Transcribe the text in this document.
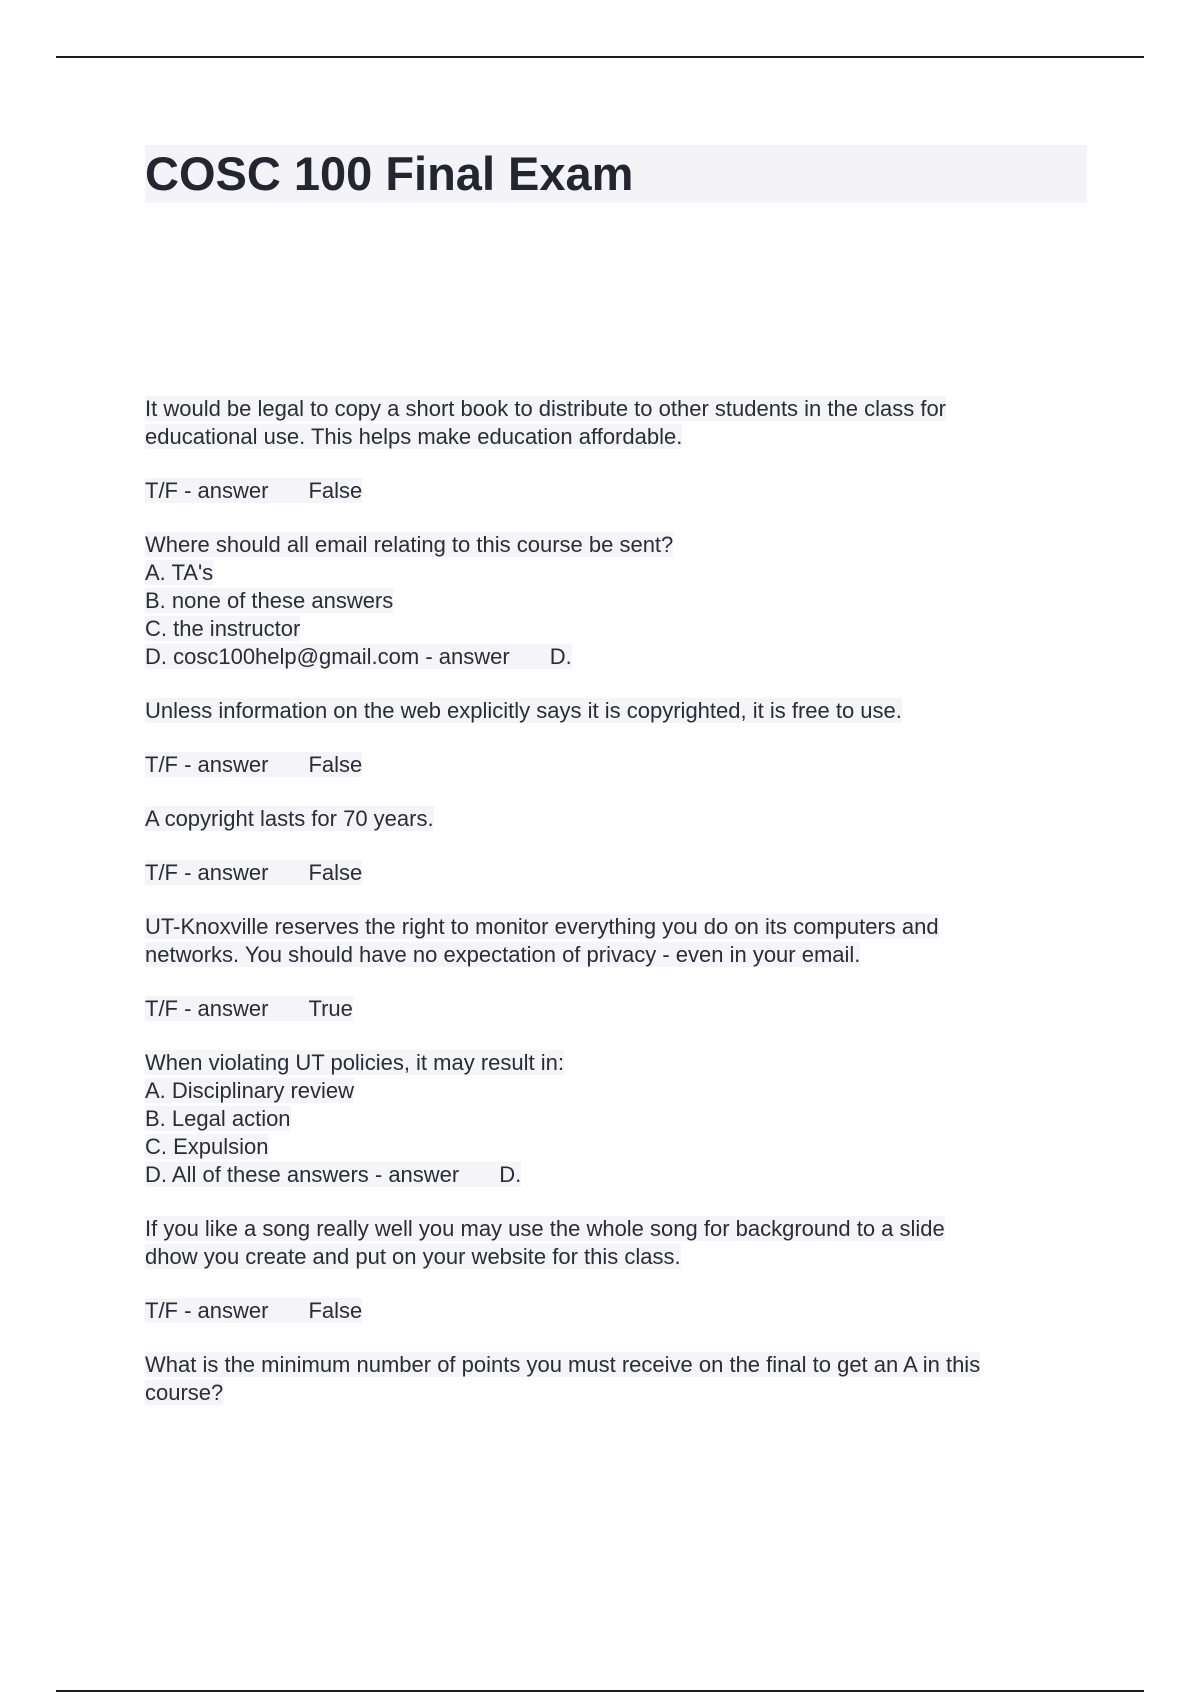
COSC 100 Final Exam
It would be legal to copy a short book to distribute to other students in the class for
educational use. This helps make education affordable.
T/F - answer False
Where should all email relating to this course be sent?
A. TA's
B. none of these answers
C. the instructor
D. cosc100help@gmail.com - answer D.
Unless information on the web explicitly says it is copyrighted, it is free to use.
T/F - answer False
A copyright lasts for 70 years.
T/F - answer False
UT-Knoxville reserves the right to monitor everything you do on its computers and
networks. You should have no expectation of privacy - even in your email.
T/F - answer True
When violating UT policies, it may result in:
A. Disciplinary review
B. Legal action
C. Expulsion
D. All of these answers - answer D.
If you like a song really well you may use the whole song for background to a slide
dhow you create and put on your website for this class.
T/F - answer False
What is the minimum number of points you must receive on the final to get an A in this
course?
